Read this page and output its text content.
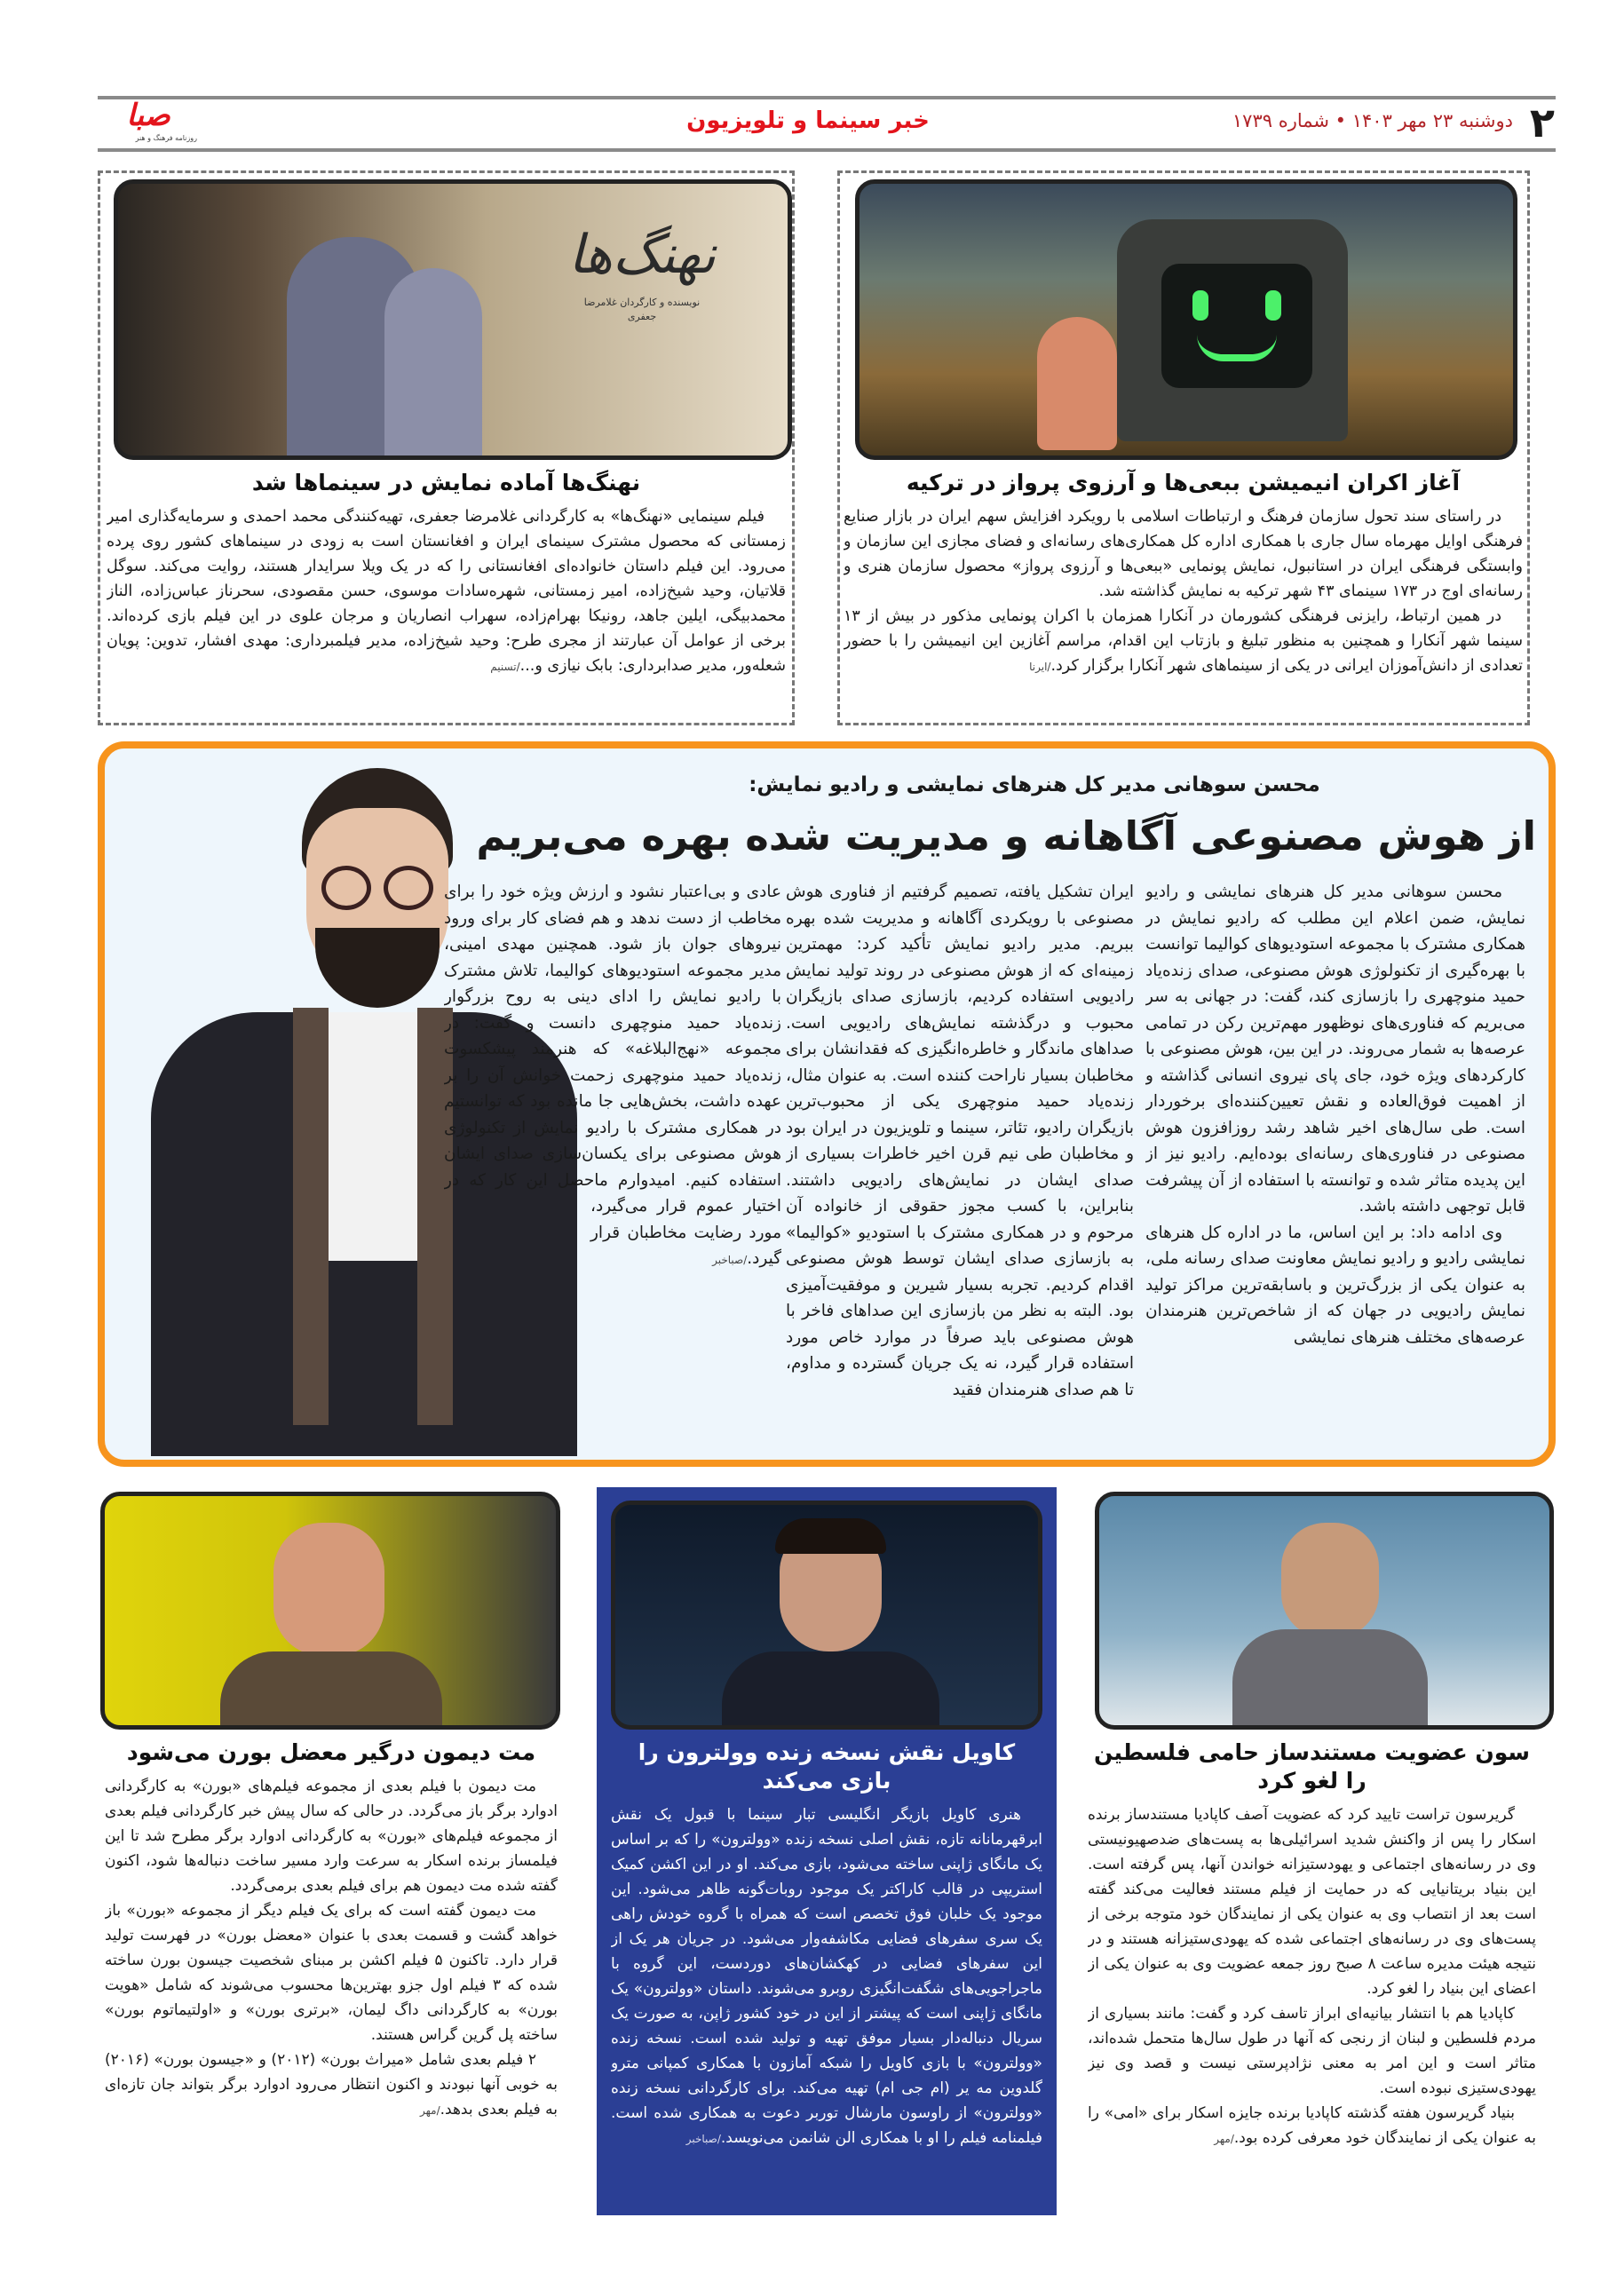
۲
دوشنبه ۲۳ مهر ۱۴۰۳ • شماره ۱۷۳۹
خبر سینما و تلویزیون
صبا
روزنامه فرهنگ و هنر
آغاز اکران انیمیشن ببعی‌ها و آرزوی پرواز در ترکیه

در راستای سند تحول سازمان فرهنگ و ارتباطات اسلامی با رویکرد افزایش سهم ایران در بازار صنایع فرهنگی اوایل مهرماه سال جاری با همکاری اداره کل همکاری‌های رسانه‌ای و فضای مجازی این سازمان و وابستگی فرهنگی ایران در استانبول، نمایش پونمایی «ببعی‌ها و آرزوی پرواز» محصول سازمان هنری و رسانه‌ای اوج در ۱۷۳ سینمای ۴۳ شهر ترکیه به نمایش گذاشته شد.

در همین ارتباط، رایزنی فرهنگی کشورمان در آنکارا همزمان با اکران پونمایی مذکور در بیش از ۱۳ سینما شهر آنکارا و همچنین به منظور تبلیغ و بازتاب این اقدام، مراسم آغازین این انیمیشن را با حضور تعدادی از دانش‌آموزان ایرانی در یکی از سینماهای شهر آنکارا برگزار کرد./ایرنا

نهنگ‌ها
نویسنده و کارگردان غلامرضا جعفری
نهنگ‌ها آماده نمایش در سینماها شد

فیلم سینمایی «نهنگ‌ها» به کارگردانی غلامرضا جعفری، تهیه‌کنندگی محمد احمدی و سرمایه‌گذاری امیر زمستانی که محصول مشترک سینمای ایران و افغانستان است به زودی در سینماهای کشور روی پرده می‌رود. این فیلم داستان خانواده‌ای افغانستانی را که در یک ویلا سرایدار هستند، روایت می‌کند. سوگل قلاتیان، وحید شیخ‌زاده، امیر زمستانی، شهره‌سادات موسوی، حسن مقصودی، سحرناز عباس‌زاده، الناز محمدبیگی، ایلین جاهد، رونیکا بهرام‌زاده، سهراب انصاریان و مرجان علوی در این فیلم بازی کرده‌اند. برخی از عوامل آن عبارتند از مجری طرح: وحید شیخ‌زاده، مدیر فیلمبرداری: مهدی افشار، تدوین: پویان شعله‌ور، مدیر صدابرداری: بابک نیازی و.../تسنیم

محسن سوهانی مدیر کل هنرهای نمایشی و رادیو نمایش:
از هوش مصنوعی آگاهانه و مدیریت شده بهره می‌بریم

محسن سوهانی مدیر کل هنرهای نمایشی و رادیو نمایش، ضمن اعلام این مطلب که رادیو نمایش در همکاری مشترک با مجموعه استودیوهای کوالیما توانست با بهره‌گیری از تکنولوژی هوش مصنوعی، صدای زنده‌یاد حمید منوچهری را بازسازی کند، گفت: در جهانی به سر می‌بریم که فناوری‌های نوظهور مهم‌ترین رکن در تمامی عرصه‌ها به شمار می‌روند. در این بین، هوش مصنوعی با کارکردهای ویژه خود، جای پای نیروی انسانی گذاشته و از اهمیت فوق‌العاده و نقش تعیین‌کننده‌ای برخوردار است. طی سال‌های اخیر شاهد رشد روزافزون هوش مصنوعی در فناوری‌های رسانه‌ای بوده‌ایم. رادیو نیز از این پدیده متاثر شده و توانسته با استفاده از آن پیشرفت قابل توجهی داشته باشد.

وی ادامه داد: بر این اساس، ما در اداره کل هنرهای نمایشی رادیو و رادیو نمایش معاونت صدای رسانه ملی، به عنوان یکی از بزرگ‌ترین و باسابقه‌ترین مراکز تولید نمایش رادیویی در جهان که از شاخص‌ترین هنرمندان عرصه‌های مختلف هنرهای نمایشی

ایران تشکیل یافته، تصمیم گرفتیم از فناوری هوش مصنوعی با رویکردی آگاهانه و مدیریت شده بهره ببریم. مدیر رادیو نمایش تأکید کرد: مهمترین زمینه‌ای که از هوش مصنوعی در روند تولید نمایش رادیویی استفاده کردیم، بازسازی صدای بازیگران محبوب و درگذشته نمایش‌های رادیویی است. صداهای ماندگار و خاطره‌انگیزی که فقدانشان برای مخاطبان بسیار ناراحت کننده است. به عنوان مثال، زنده‌یاد حمید منوچهری یکی از محبوب‌ترین بازیگران رادیو، تئاتر، سینما و تلویزیون در ایران بود و مخاطبان طی نیم قرن اخیر خاطرات بسیاری از صدای ایشان در نمایش‌های رادیویی داشتند. بنابراین، با کسب مجوز حقوقی از خانواده آن مرحوم و در همکاری مشترک با استودیو «کوالیما» به بازسازی صدای ایشان توسط هوش مصنوعی اقدام کردیم. تجربه بسیار شیرین و موفقیت‌آمیزی بود. البته به نظر من بازسازی این صداهای فاخر با هوش مصنوعی باید صرفاً در موارد خاص مورد استفاده قرار گیرد، نه یک جریان گسترده و مداوم، تا هم صدای هنرمندان فقید

عادی و بی‌اعتبار نشود و ارزش ویژه خود را برای مخاطب از دست ندهد و هم فضای کار برای ورود نیروهای جوان باز شود. همچنین مهدی امینی، مدیر مجموعه استودیوهای کوالیما، تلاش مشترک با رادیو نمایش را ادای دینی به روح بزرگوار زنده‌یاد حمید منوچهری دانست و گفت: در مجموعه «نهج‌البلاغه» که هنرمند پیشکسوت زنده‌یاد حمید منوچهری زحمت خوانش آن را بر عهده داشت، بخش‌هایی جا مانده بود که توانستیم در همکاری مشترک با رادیو نمایش از تکنولوژی هوش مصنوعی برای یکسان‌سازی صدای ایشان استفاده کنیم. امیدوارم ماحصل این کار که در اختیار عموم قرار می‌گیرد، مورد رضایت مخاطبان قرار گیرد./صباخبر

سون عضویت مستندساز حامی فلسطین را لغو کرد

گریرسون تراست تایید کرد که عضویت آصف کاپادیا مستندساز برنده اسکار را پس از واکنش شدید اسرائیلی‌ها به پست‌های ضدصهیونیستی وی در رسانه‌های اجتماعی و یهودستیزانه خواندن آنها، پس گرفته است. این بنیاد بریتانیایی که در حمایت از فیلم مستند فعالیت می‌کند گفته است بعد از انتصاب وی به عنوان یکی از نمایندگان خود متوجه برخی از پست‌های وی در رسانه‌های اجتماعی شده که یهودی‌ستیزانه هستند و در نتیجه هیئت مدیره ساعت ۸ صبح روز جمعه عضویت وی به عنوان یکی از اعضای این بنیاد را لغو کرد.

کاپادیا هم با انتشار بیانیه‌ای ابراز تاسف کرد و گفت: مانند بسیاری از مردم فلسطین و لبنان از رنجی که آنها در طول سال‌ها متحمل شده‌اند، متاثر است و این امر به معنی نژادپرستی نیست و قصد وی نیز یهودی‌ستیزی نبوده است.

بنیاد گریرسون هفته گذشته کاپادیا برنده جایزه اسکار برای «امی» را به عنوان یکی از نمایندگان خود معرفی کرده بود./مهر

کاویل نقش نسخه زنده وولترون را بازی می‌کند

هنری کاویل بازیگر انگلیسی تبار سینما با قبول یک نقش ابرقهرمانانه تازه، نقش اصلی نسخه زنده «وولترون» را که بر اساس یک مانگای ژاپنی ساخته می‌شود، بازی می‌کند. او در این اکشن کمیک استریپی در قالب کاراکتر یک موجود روبات‌گونه ظاهر می‌شود. این موجود یک خلبان فوق تخصص است که همراه با گروه خودش راهی یک سری سفرهای فضایی مکاشفه‌وار می‌شود. در جریان هر یک از این سفرهای فضایی در کهکشان‌های دوردست، این گروه با ماجراجویی‌های شگفت‌انگیزی روبرو می‌شوند. داستان «وولترون» یک مانگای ژاپنی است که پیشتر از این در خود کشور ژاپن، به صورت یک سریال دنباله‌دار بسیار موفق تهیه و تولید شده است. نسخه زنده «وولترون» با بازی کاویل را شبکه آمازون با همکاری کمپانی مترو گلدوین مه یر (ام جی ام) تهیه می‌کند. برای کارگردانی نسخه زنده «وولترون» از راوسون مارشال توربر دعوت به همکاری شده است. فیلمنامه فیلم را او با همکاری الن شانمن می‌نویسد./صباخبر

مت دیمون درگیر معضل بورن می‌شود

مت دیمون با فیلم بعدی از مجموعه فیلم‌های «بورن» به کارگردانی ادوارد برگر باز می‌گردد. در حالی که سال پیش خبر کارگردانی فیلم بعدی از مجموعه فیلم‌های «بورن» به کارگردانی ادوارد برگر مطرح شد تا این فیلمساز برنده اسکار به سرعت وارد مسیر ساخت دنباله‌ها شود، اکنون گفته شده مت دیمون هم برای فیلم بعدی برمی‌گردد.

مت دیمون گفته است که برای یک فیلم دیگر از مجموعه «بورن» باز خواهد گشت و قسمت بعدی با عنوان «معضل بورن» در فهرست تولید قرار دارد. تاکنون ۵ فیلم اکشن بر مبنای شخصیت جیسون بورن ساخته شده که ۳ فیلم اول جزو بهترین‌ها محسوب می‌شوند که شامل «هویت بورن» به کارگردانی داگ لیمان، «برتری بورن» و «اولتیماتوم بورن» ساخته پل گرین گراس هستند.

۲ فیلم بعدی شامل «میراث بورن» (۲۰۱۲) و «جیسون بورن» (۲۰۱۶) به خوبی آنها نبودند و اکنون انتظار می‌رود ادوارد برگر بتواند جان تازه‌ای به فیلم بعدی بدهد./مهر
